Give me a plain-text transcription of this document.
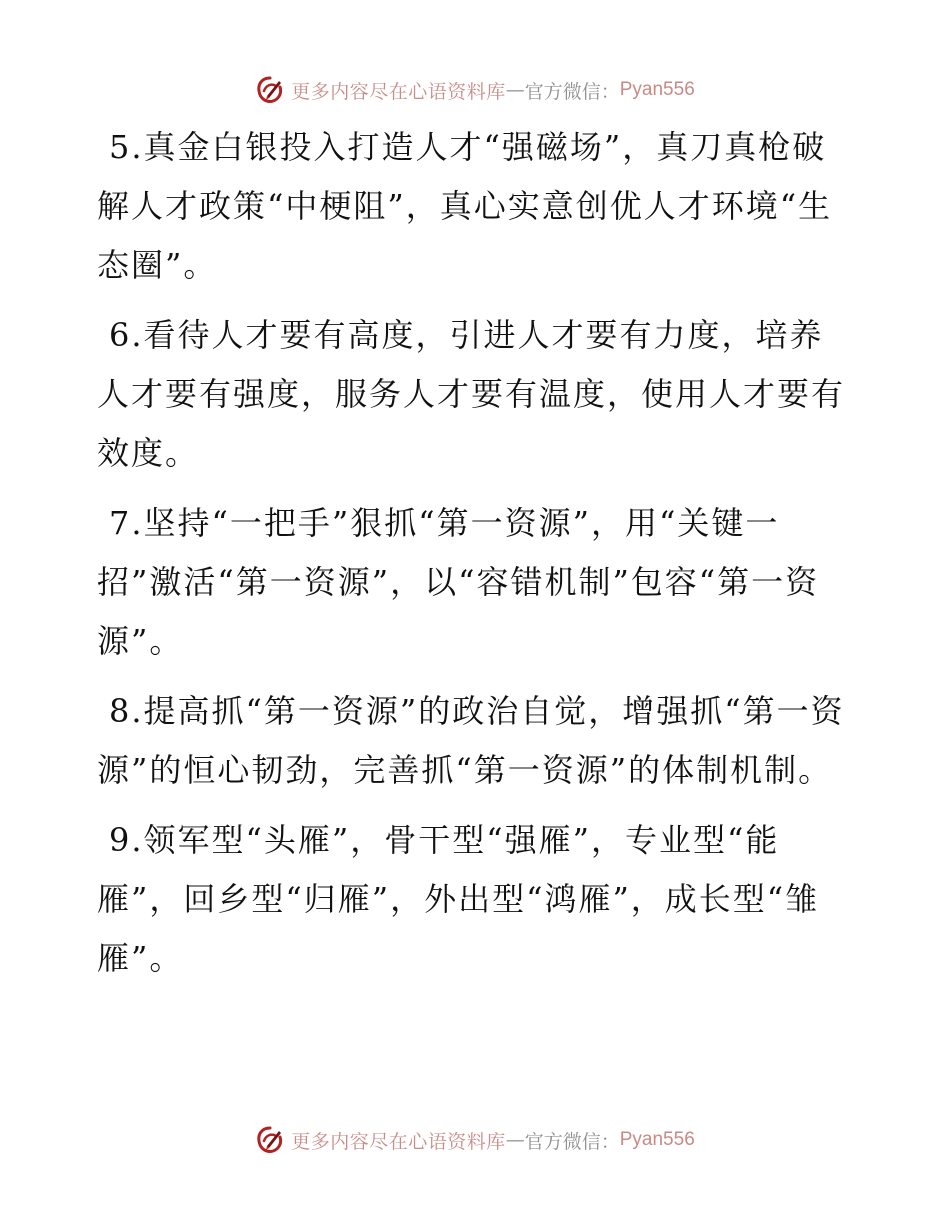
更多内容尽在心语资料库 — 官方微信： Pyan556

5.真金白银投入打造人才“强磁场”，真刀真枪破解人才政策“中梗阻”，真心实意创优人才环境“生态圈”。

6.看待人才要有高度，引进人才要有力度，培养人才要有强度，服务人才要有温度，使用人才要有效度。

7.坚持“一把手”狠抓“第一资源”，用“关键一招”激活“第一资源”，以“容错机制”包容“第一资源”。

8.提高抓“第一资源”的政治自觉，增强抓“第一资源”的恒心韧劲，完善抓“第一资源”的体制机制。

9.领军型“头雁”，骨干型“强雁”，专业型“能雁”，回乡型“归雁”，外出型“鸿雁”，成长型“雏雁”。

更多内容尽在心语资料库 — 官方微信： Pyan556
